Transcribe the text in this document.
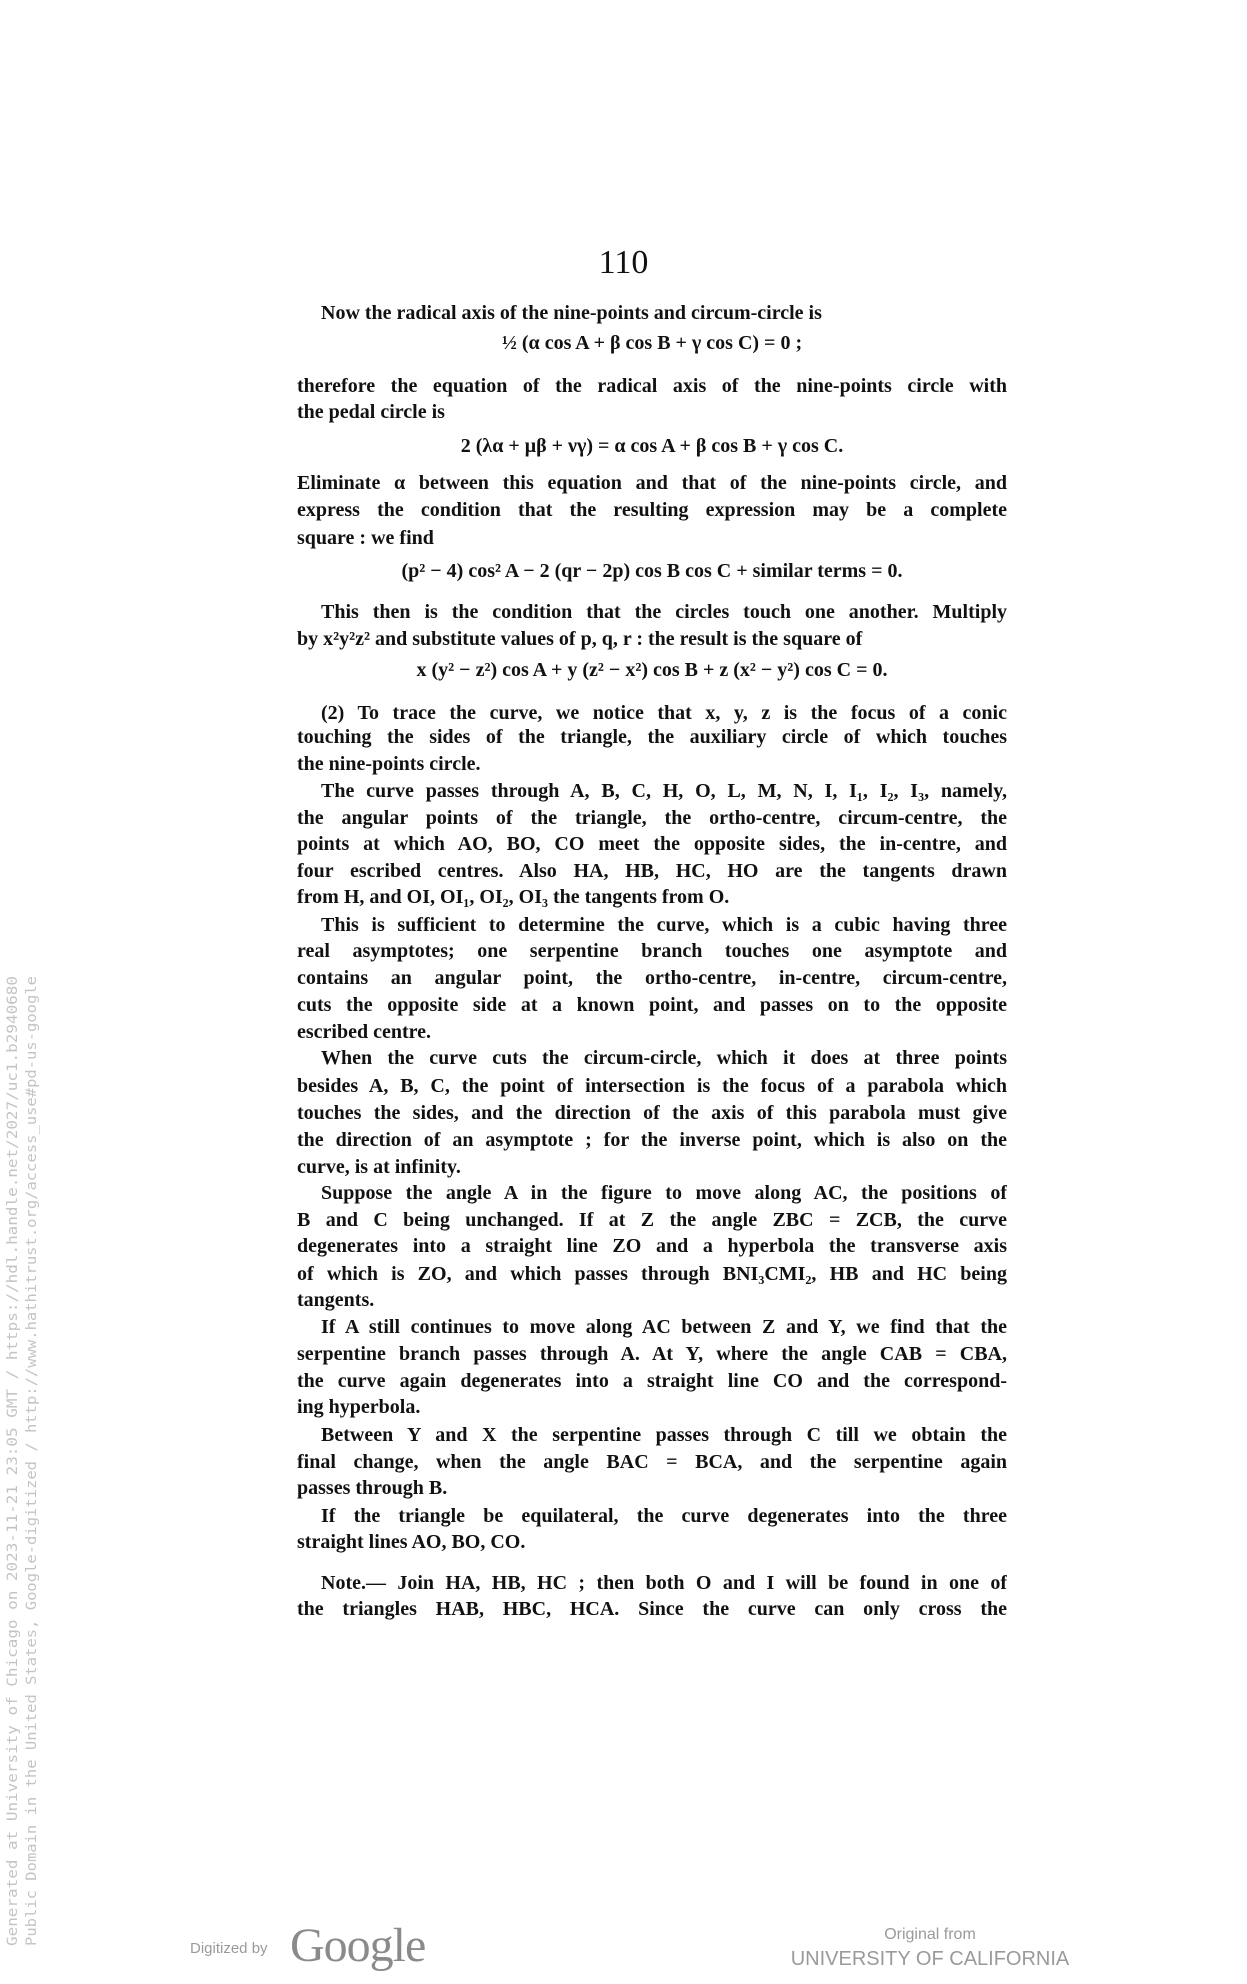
110
Now the radical axis of the nine-points and circum-circle is
½ (α cos A + β cos B + γ cos C) = 0 ;
therefore the equation of the radical axis of the nine-points circle with
the pedal circle is
2 (λα + μβ + νγ) = α cos A + β cos B + γ cos C.
Eliminate α between this equation and that of the nine-points circle, and
express the condition that the resulting expression may be a complete
square : we find
(p² − 4) cos² A − 2 (qr − 2p) cos B cos C + similar terms = 0.
This then is the condition that the circles touch one another. Multiply
by x²y²z² and substitute values of p, q, r : the result is the square of
x (y² − z²) cos A + y (z² − x²) cos B + z (x² − y²) cos C = 0.
(2) To trace the curve, we notice that x, y, z is the focus of a conic
touching the sides of the triangle, the auxiliary circle of which touches
the nine-points circle.
The curve passes through A, B, C, H, O, L, M, N, I, I₁, I₂, I₃, namely,
the angular points of the triangle, the ortho-centre, circum-centre, the
points at which AO, BO, CO meet the opposite sides, the in-centre, and
four escribed centres. Also HA, HB, HC, HO are the tangents drawn
from H, and OI, OI₁, OI₂, OI₃ the tangents from O.
This is sufficient to determine the curve, which is a cubic having three
real asymptotes; one serpentine branch touches one asymptote and
contains an angular point, the ortho-centre, in-centre, circum-centre,
cuts the opposite side at a known point, and passes on to the opposite
escribed centre.
When the curve cuts the circum-circle, which it does at three points
besides A, B, C, the point of intersection is the focus of a parabola which
touches the sides, and the direction of the axis of this parabola must give
the direction of an asymptote ; for the inverse point, which is also on the
curve, is at infinity.
Suppose the angle A in the figure to move along AC, the positions of
B and C being unchanged. If at Z the angle ZBC = ZCB, the curve
degenerates into a straight line ZO and a hyperbola the transverse axis
of which is ZO, and which passes through BNI₃CMI₂, HB and HC being
tangents.
If A still continues to move along AC between Z and Y, we find that the
serpentine branch passes through A. At Y, where the angle CAB = CBA,
the curve again degenerates into a straight line CO and the correspond-
ing hyperbola.
Between Y and X the serpentine passes through C till we obtain the
final change, when the angle BAC = BCA, and the serpentine again
passes through B.
If the triangle be equilateral, the curve degenerates into the three
straight lines AO, BO, CO.
Note.— Join HA, HB, HC ; then both O and I will be found in one of
the triangles HAB, HBC, HCA. Since the curve can only cross the
Generated at University of Chicago on 2023-11-21 23:05 GMT / https://hdl.handle.net/2027/uc1.b2940680 Public Domain in the United States, Google-digitized / http://www.hathitrust.org/access_use#pd-us-google
Digitized by Google	Original from
UNIVERSITY OF CALIFORNIA
